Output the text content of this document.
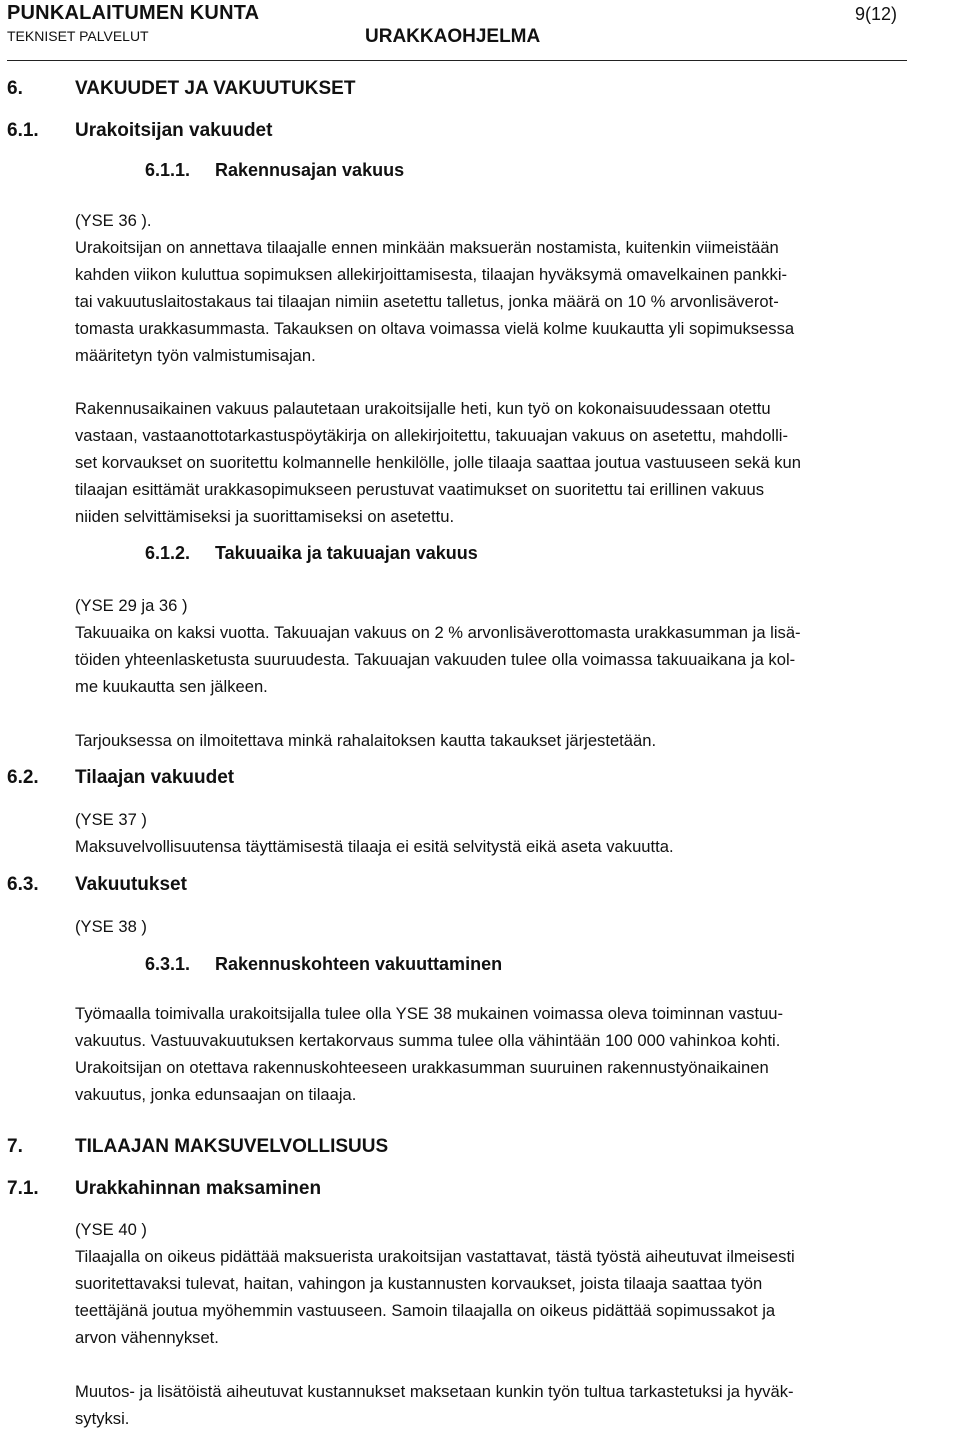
PUNKALAITUMEN KUNTA
TEKNISET PALVELUT	URAKKAOHJELMA
9(12)
6.	VAKUUDET JA VAKUUTUKSET
6.1. Urakoitsijan vakuudet
6.1.1. Rakennusajan vakuus
(YSE 36 ).
Urakoitsijan on annettava tilaajalle ennen minkään maksuerän nostamista, kuitenkin viimeistään
kahden viikon kuluttua sopimuksen allekirjoittamisesta, tilaajan hyväksymä omavelkainen pankki-
tai vakuutuslaitostakaus tai tilaajan nimiin asetettu talletus, jonka määrä on 10 % arvonlisäverot-
tomasta urakkasummasta. Takauksen on oltava voimassa vielä kolme kuukautta yli sopimuksessa
määritetyn työn valmistumisajan.
Rakennusaikainen vakuus palautetaan urakoitsijalle heti, kun työ on kokonaisuudessaan otettu
vastaan, vastaanottotarkastuspöytäkirja on allekirjoitettu, takuuajan vakuus on asetettu, mahdolli-
set korvaukset on suoritettu kolmannelle henkilölle, jolle tilaaja saattaa joutua vastuuseen sekä kun
tilaajan esittämät urakkasopimukseen perustuvat vaatimukset on suoritettu tai erillinen vakuus
niiden selvittämiseksi ja suorittamiseksi on asetettu.
6.1.2. Takuuaika ja takuuajan vakuus
(YSE 29 ja 36 )
Takuuaika on kaksi vuotta. Takuuajan vakuus on 2 % arvonlisäverottomasta urakkasumman ja lisä-
töiden yhteenlasketusta suuruudesta. Takuuajan vakuuden tulee olla voimassa takuuaikana ja kol-
me kuukautta sen jälkeen.
Tarjouksessa on ilmoitettava minkä rahalaitoksen kautta takaukset järjestetään.
6.2. Tilaajan vakuudet
(YSE 37 )
Maksuvelvollisuutensa täyttämisestä tilaaja ei esitä selvitystä eikä aseta vakuutta.
6.3. Vakuutukset
(YSE 38 )
6.3.1. Rakennuskohteen vakuuttaminen
Työmaalla toimivalla urakoitsijalla tulee olla YSE 38 mukainen voimassa oleva toiminnan vastuu-
vakuutus. Vastuuvakuutuksen kertakorvaus summa tulee olla vähintään 100 000 vahinkoa kohti.
Urakoitsijan on otettava rakennuskohteeseen urakkasumman suuruinen rakennustyönaikainen
vakuutus, jonka edunsaajan on tilaaja.
7.	TILAAJAN MAKSUVELVOLLISUUS
7.1. Urakkahinnan maksaminen
(YSE 40 )
Tilaajalla on oikeus pidättää maksuerista urakoitsijan vastattavat, tästä työstä aiheutuvat ilmeisesti
suoritettavaksi tulevat, haitan, vahingon ja kustannusten korvaukset, joista tilaaja saattaa työn
teettäjänä joutua myöhemmin vastuuseen. Samoin tilaajalla on oikeus pidättää sopimussakot ja
arvon vähennykset.
Muutos- ja lisätöistä aiheutuvat kustannukset maksetaan kunkin työn tultua tarkastetuksi ja hyväk-
sytyksi.
